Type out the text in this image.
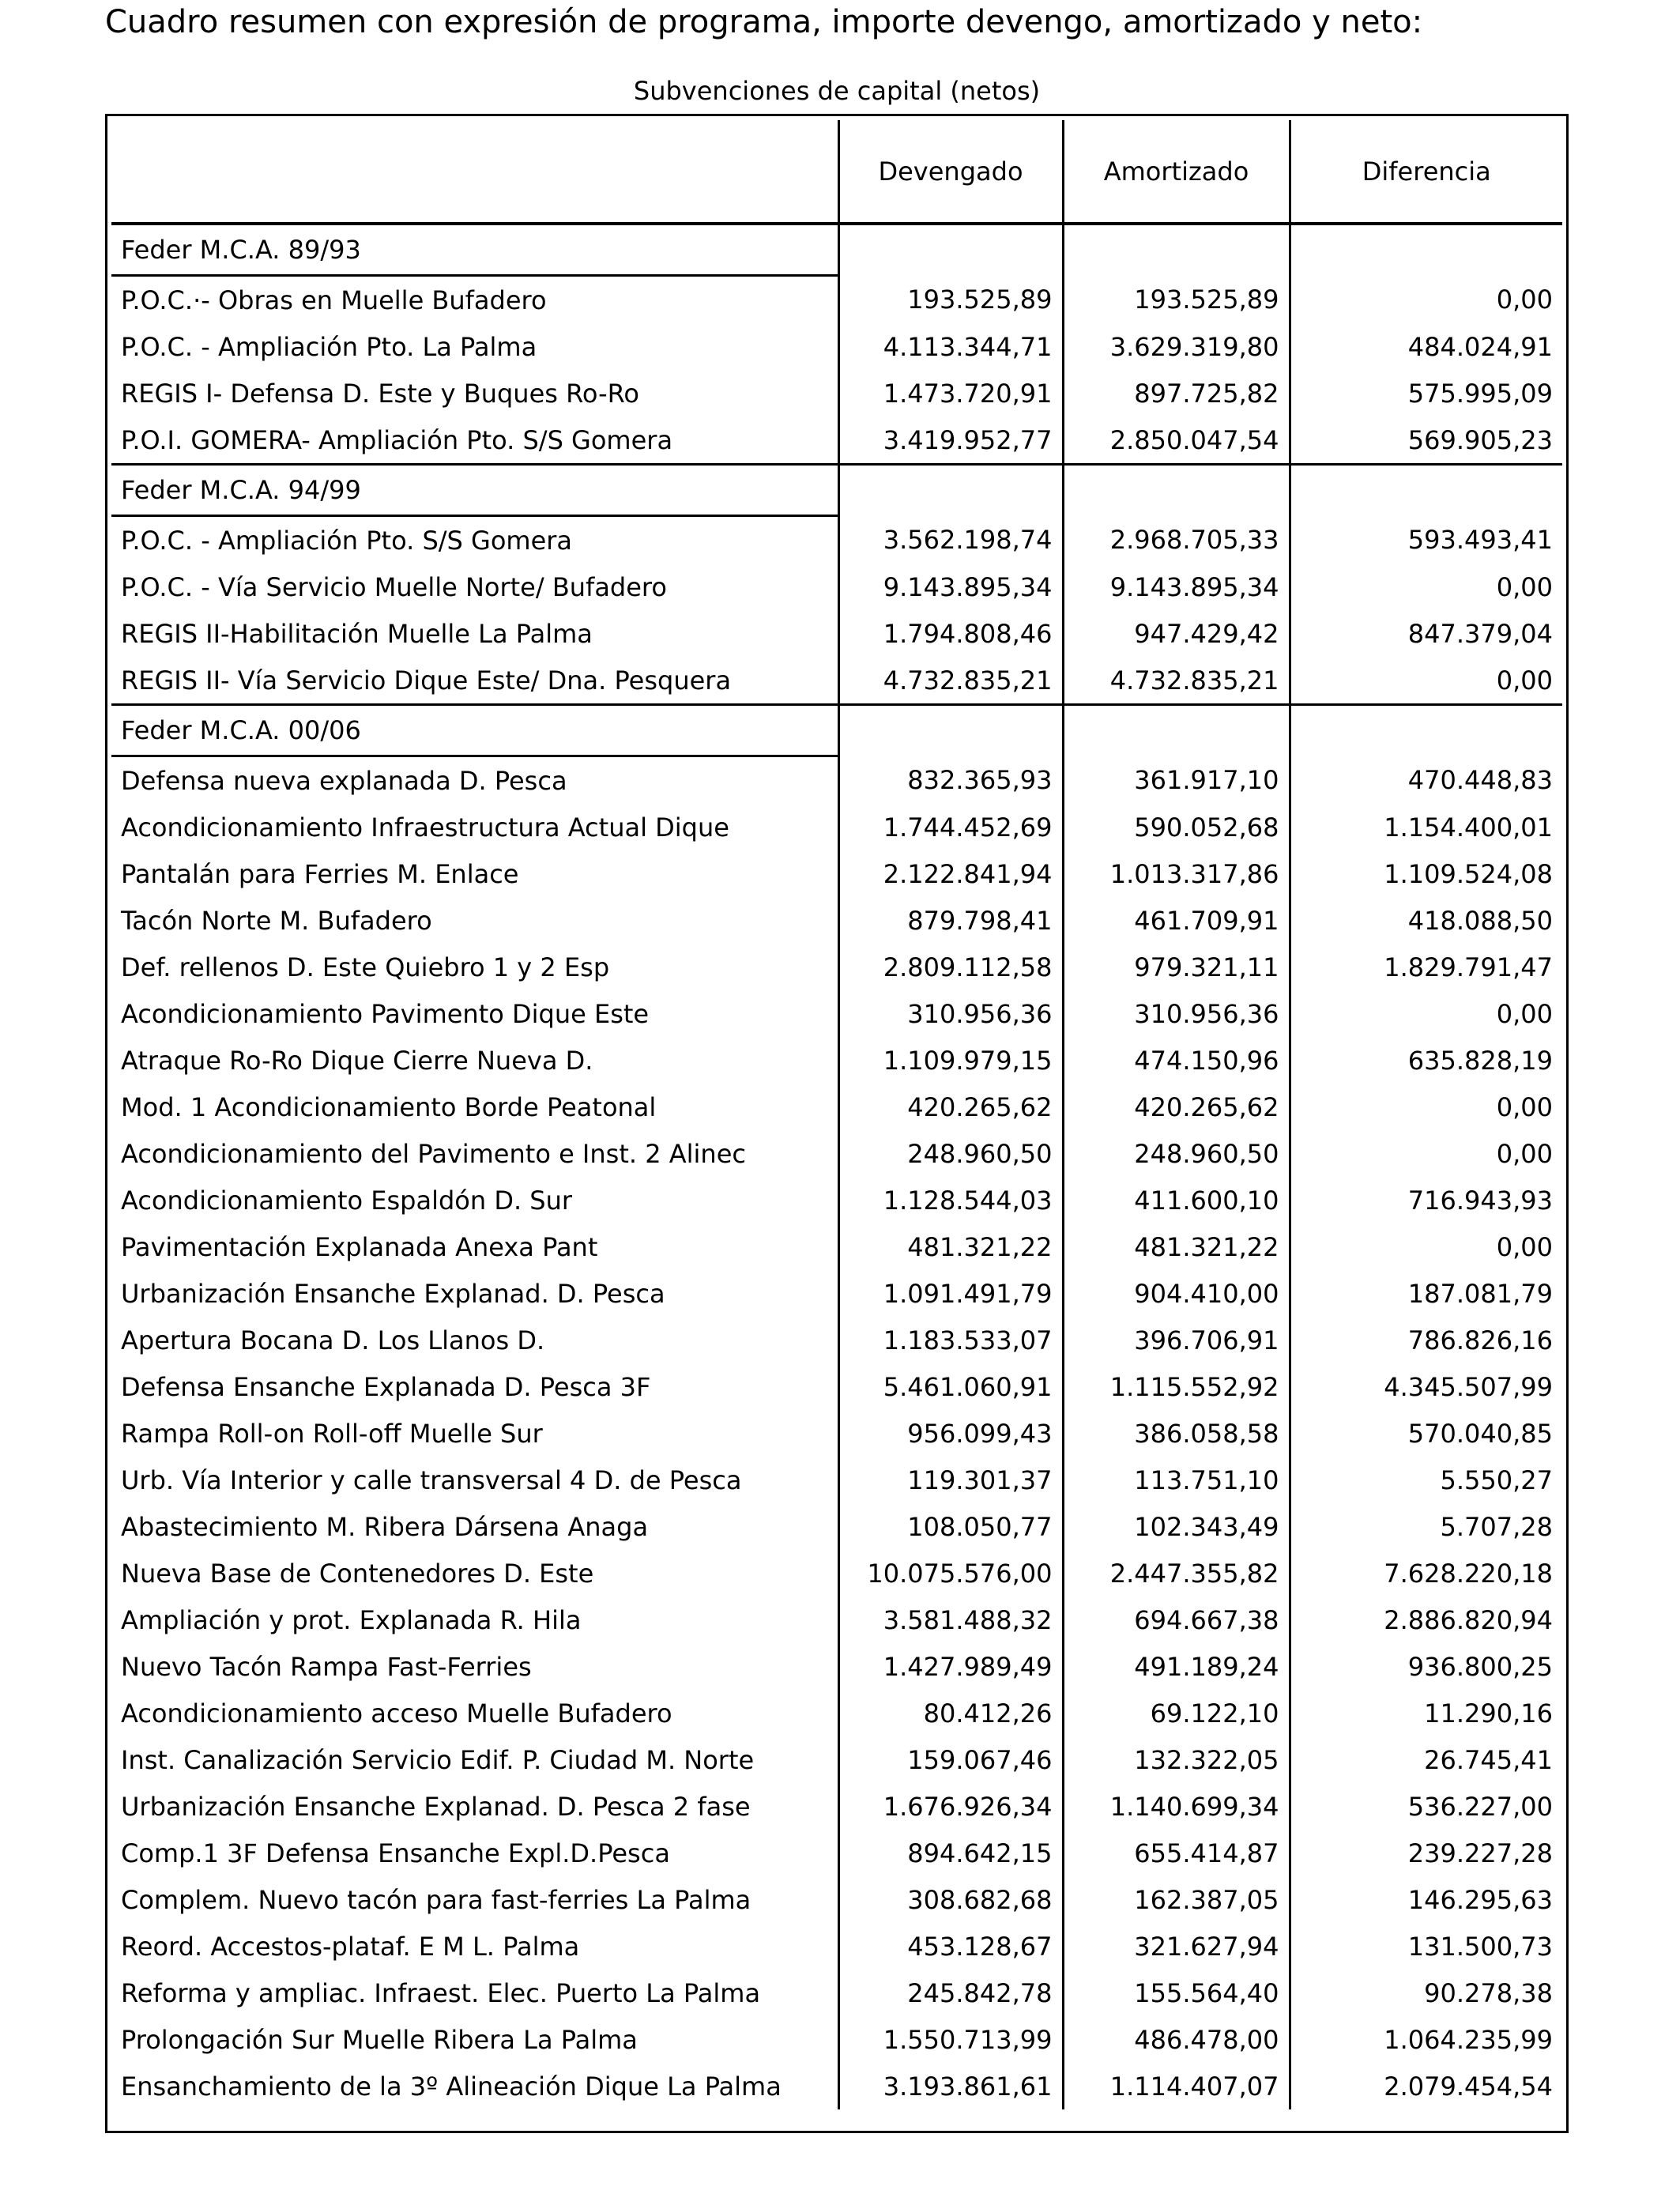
Cuadro resumen con expresión de programa, importe devengo, amortizado y neto:
Subvenciones de capital (netos)
	Devengado	Amortizado	Diferencia
Feder M.C.A. 89/93			
P.O.C.·- Obras en Muelle Bufadero	193.525,89	193.525,89	0,00
P.O.C. - Ampliación Pto. La Palma	4.113.344,71	3.629.319,80	484.024,91
REGIS I- Defensa D. Este y Buques Ro-Ro	1.473.720,91	897.725,82	575.995,09
P.O.I. GOMERA- Ampliación Pto. S/S Gomera	3.419.952,77	2.850.047,54	569.905,23
Feder M.C.A. 94/99			
P.O.C. - Ampliación Pto. S/S Gomera	3.562.198,74	2.968.705,33	593.493,41
P.O.C. - Vía Servicio Muelle Norte/ Bufadero	9.143.895,34	9.143.895,34	0,00
REGIS II-Habilitación Muelle La Palma	1.794.808,46	947.429,42	847.379,04
REGIS II- Vía Servicio Dique Este/ Dna. Pesquera	4.732.835,21	4.732.835,21	0,00
Feder M.C.A. 00/06			
Defensa nueva explanada D. Pesca	832.365,93	361.917,10	470.448,83
Acondicionamiento Infraestructura Actual Dique	1.744.452,69	590.052,68	1.154.400,01
Pantalán para Ferries M. Enlace	2.122.841,94	1.013.317,86	1.109.524,08
Tacón Norte M. Bufadero	879.798,41	461.709,91	418.088,50
Def. rellenos D. Este Quiebro 1 y 2 Esp	2.809.112,58	979.321,11	1.829.791,47
Acondicionamiento Pavimento Dique Este	310.956,36	310.956,36	0,00
Atraque Ro-Ro Dique Cierre Nueva D.	1.109.979,15	474.150,96	635.828,19
Mod. 1 Acondicionamiento Borde Peatonal	420.265,62	420.265,62	0,00
Acondicionamiento del Pavimento e Inst. 2 Alinec	248.960,50	248.960,50	0,00
Acondicionamiento Espaldón D. Sur	1.128.544,03	411.600,10	716.943,93
Pavimentación Explanada Anexa Pant	481.321,22	481.321,22	0,00
Urbanización Ensanche Explanad. D. Pesca	1.091.491,79	904.410,00	187.081,79
Apertura Bocana D. Los Llanos D.	1.183.533,07	396.706,91	786.826,16
Defensa Ensanche Explanada D. Pesca 3F	5.461.060,91	1.115.552,92	4.345.507,99
Rampa Roll-on Roll-off Muelle Sur	956.099,43	386.058,58	570.040,85
Urb. Vía Interior y calle transversal 4 D. de Pesca	119.301,37	113.751,10	5.550,27
Abastecimiento M. Ribera Dársena Anaga	108.050,77	102.343,49	5.707,28
Nueva Base de Contenedores D. Este	10.075.576,00	2.447.355,82	7.628.220,18
Ampliación y prot. Explanada R. Hila	3.581.488,32	694.667,38	2.886.820,94
Nuevo Tacón Rampa Fast-Ferries	1.427.989,49	491.189,24	936.800,25
Acondicionamiento acceso Muelle Bufadero	80.412,26	69.122,10	11.290,16
Inst. Canalización Servicio Edif. P. Ciudad M. Norte	159.067,46	132.322,05	26.745,41
Urbanización Ensanche Explanad. D. Pesca 2 fase	1.676.926,34	1.140.699,34	536.227,00
Comp.1 3F Defensa Ensanche Expl.D.Pesca	894.642,15	655.414,87	239.227,28
Complem. Nuevo tacón para fast-ferries La Palma	308.682,68	162.387,05	146.295,63
Reord. Accestos-plataf. E M L. Palma	453.128,67	321.627,94	131.500,73
Reforma y ampliac. Infraest. Elec. Puerto La Palma	245.842,78	155.564,40	90.278,38
Prolongación Sur Muelle Ribera La Palma	1.550.713,99	486.478,00	1.064.235,99
Ensanchamiento de la 3º Alineación Dique La Palma	3.193.861,61	1.114.407,07	2.079.454,54
